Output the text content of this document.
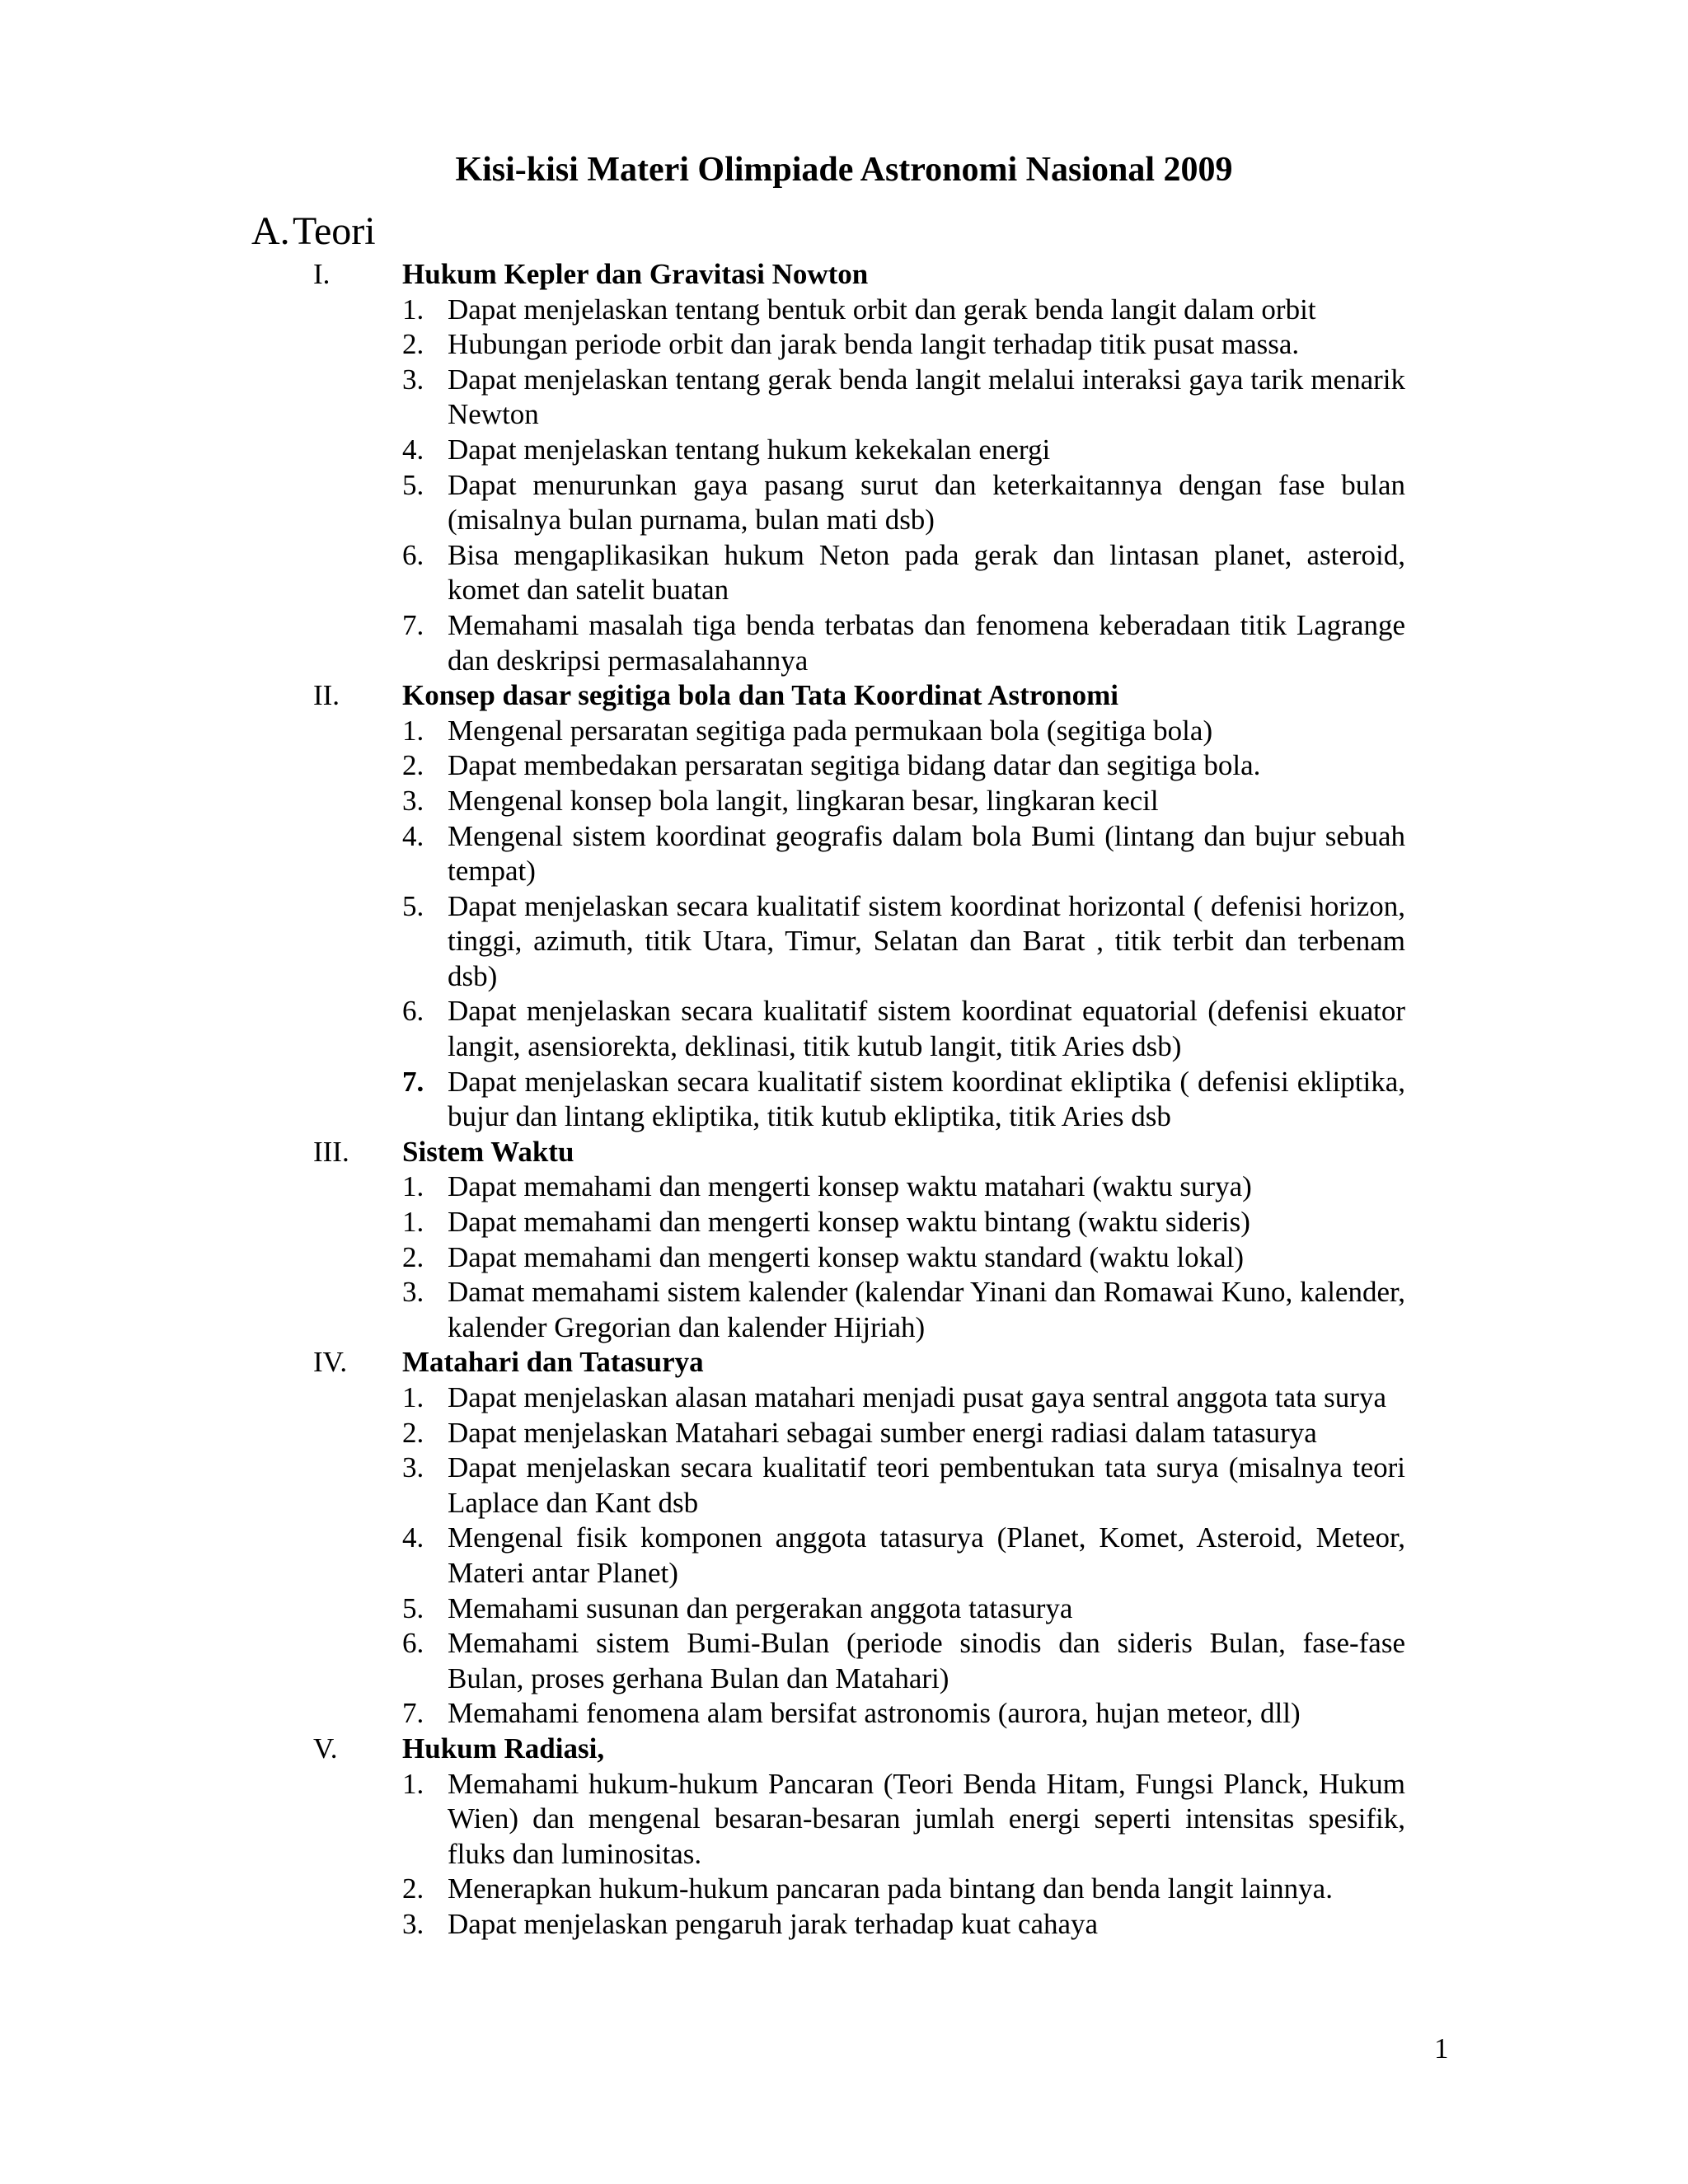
Kisi-kisi Materi Olimpiade Astronomi Nasional 2009
A.Teori
I.	Hukum Kepler dan Gravitasi Nowton
1. Dapat menjelaskan tentang bentuk orbit dan gerak benda langit dalam orbit
2. Hubungan periode orbit dan jarak benda langit terhadap titik pusat massa.
3. Dapat menjelaskan tentang gerak benda langit melalui interaksi gaya tarik menarik Newton
4. Dapat menjelaskan tentang hukum kekekalan energi
5. Dapat menurunkan gaya pasang surut dan keterkaitannya dengan fase bulan (misalnya bulan purnama, bulan mati dsb)
6. Bisa mengaplikasikan hukum Neton pada gerak dan lintasan planet, asteroid, komet dan satelit buatan
7. Memahami masalah tiga benda terbatas dan fenomena keberadaan titik Lagrange dan deskripsi permasalahannya
II. Konsep dasar segitiga bola dan Tata Koordinat Astronomi
1. Mengenal persaratan segitiga pada permukaan bola (segitiga bola)
2. Dapat membedakan persaratan segitiga bidang datar dan segitiga bola.
3. Mengenal konsep bola langit, lingkaran besar, lingkaran kecil
4. Mengenal sistem koordinat geografis dalam bola Bumi (lintang dan bujur sebuah tempat)
5. Dapat menjelaskan secara kualitatif sistem koordinat horizontal ( defenisi horizon, tinggi, azimuth, titik Utara, Timur, Selatan dan Barat , titik terbit dan terbenam dsb)
6. Dapat menjelaskan secara kualitatif sistem koordinat equatorial (defenisi ekuator langit, asensiorekta, deklinasi, titik kutub langit, titik Aries dsb)
7. Dapat menjelaskan secara kualitatif sistem koordinat ekliptika ( defenisi ekliptika, bujur dan lintang ekliptika, titik kutub ekliptika, titik Aries dsb
III. Sistem Waktu
1. Dapat memahami dan mengerti konsep waktu matahari (waktu surya)
1. Dapat memahami dan mengerti konsep waktu bintang (waktu sideris)
2. Dapat memahami dan mengerti konsep waktu standard (waktu lokal)
3. Damat memahami sistem kalender (kalendar Yinani dan Romawai Kuno, kalender, kalender Gregorian dan kalender Hijriah)
IV. Matahari dan Tatasurya
1. Dapat menjelaskan alasan matahari menjadi pusat gaya sentral anggota tata surya
2. Dapat menjelaskan Matahari sebagai sumber energi radiasi dalam tatasurya
3. Dapat menjelaskan secara kualitatif teori pembentukan tata surya (misalnya teori Laplace dan Kant dsb
4. Mengenal fisik komponen anggota tatasurya (Planet, Komet, Asteroid, Meteor, Materi antar Planet)
5. Memahami susunan dan pergerakan anggota tatasurya
6. Memahami sistem Bumi-Bulan (periode sinodis dan sideris Bulan, fase-fase Bulan, proses gerhana Bulan dan Matahari)
7. Memahami fenomena alam bersifat astronomis (aurora, hujan meteor, dll)
V. Hukum Radiasi,
1. Memahami hukum-hukum Pancaran (Teori Benda Hitam, Fungsi Planck, Hukum Wien) dan mengenal besaran-besaran jumlah energi seperti intensitas spesifik, fluks dan luminositas.
2. Menerapkan hukum-hukum pancaran pada bintang dan benda langit lainnya.
3. Dapat menjelaskan pengaruh jarak terhadap kuat cahaya
1
